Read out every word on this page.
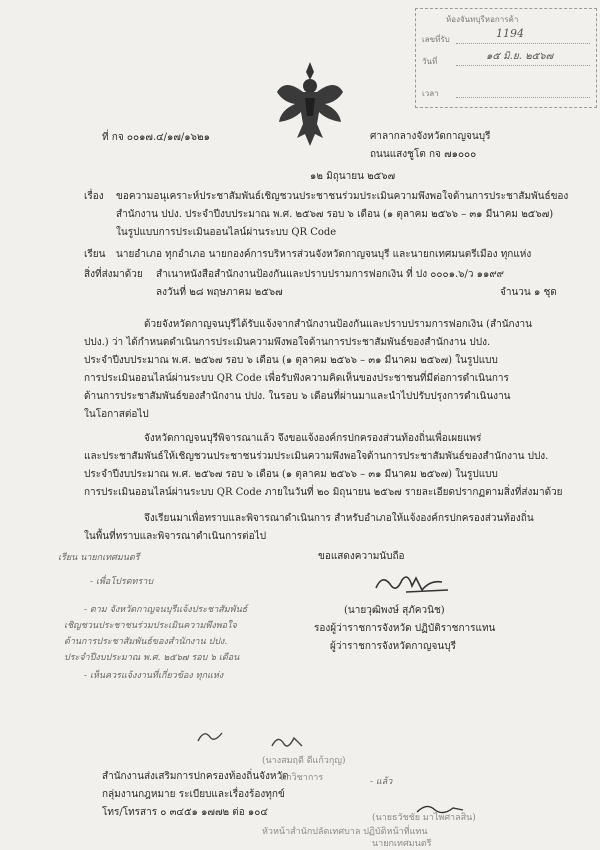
ห้องจันทบุรีหอการค้า
เลขที่รับ	1194
วันที่	๑๕ มิ.ย. ๒๕๖๗
เวลา
ที่ กจ ๐๐๑๗.๔/๑๗/๑๖๒๑	ศาลากลางจังหวัดกาญจนบุรี
ถนนแสงชูโต กจ ๗๑๐๐๐
๑๒ มิถุนายน ๒๕๖๗
เรื่อง ขอความอนุเคราะห์ประชาสัมพันธ์เชิญชวนประชาชนร่วมประเมินความพึงพอใจด้านการประชาสัมพันธ์ของ
สำนักงาน ปปง. ประจำปีงบประมาณ พ.ศ. ๒๕๖๗ รอบ ๖ เดือน (๑ ตุลาคม ๒๕๖๖ – ๓๑ มีนาคม ๒๕๖๗)
ในรูปแบบการประเมินออนไลน์ผ่านระบบ QR Code
เรียน นายอำเภอ ทุกอำเภอ นายกองค์การบริหารส่วนจังหวัดกาญจนบุรี และนายกเทศมนตรีเมือง ทุกแห่ง
สิ่งที่ส่งมาด้วย สำเนาหนังสือสำนักงานป้องกันและปราบปรามการฟอกเงิน ที่ ปง ๐๐๐๑.๖/ว ๑๑๙๙
ลงวันที่ ๒๘ พฤษภาคม ๒๕๖๗	จำนวน ๑ ชุด
ด้วยจังหวัดกาญจนบุรีได้รับแจ้งจากสำนักงานป้องกันและปราบปรามการฟอกเงิน (สำนักงาน
ปปง.) ว่า ได้กำหนดดำเนินการประเมินความพึงพอใจด้านการประชาสัมพันธ์ของสำนักงาน ปปง.
ประจำปีงบประมาณ พ.ศ. ๒๕๖๗ รอบ ๖ เดือน (๑ ตุลาคม ๒๕๖๖ – ๓๑ มีนาคม ๒๕๖๗) ในรูปแบบ
การประเมินออนไลน์ผ่านระบบ QR Code เพื่อรับฟังความคิดเห็นของประชาชนที่มีต่อการดำเนินการ
ด้านการประชาสัมพันธ์ของสำนักงาน ปปง. ในรอบ ๖ เดือนที่ผ่านมาและนำไปปรับปรุงการดำเนินงาน
ในโอกาสต่อไป
จังหวัดกาญจนบุรีพิจารณาแล้ว จึงขอแจ้งองค์กรปกครองส่วนท้องถิ่นเพื่อเผยแพร่
และประชาสัมพันธ์ให้เชิญชวนประชาชนร่วมประเมินความพึงพอใจด้านการประชาสัมพันธ์ของสำนักงาน ปปง.
ประจำปีงบประมาณ พ.ศ. ๒๕๖๗ รอบ ๖ เดือน (๑ ตุลาคม ๒๕๖๖ – ๓๑ มีนาคม ๒๕๖๗) ในรูปแบบ
การประเมินออนไลน์ผ่านระบบ QR Code ภายในวันที่ ๒๐ มิถุนายน ๒๕๖๗ รายละเอียดปรากฏตามสิ่งที่ส่งมาด้วย
จึงเรียนมาเพื่อทราบและพิจารณาดำเนินการ สำหรับอำเภอให้แจ้งองค์กรปกครองส่วนท้องถิ่น
ในพื้นที่ทราบและพิจารณาดำเนินการต่อไป
ขอแสดงความนับถือ
(นายวุฒิพงษ์ สุภัควนิช)
รองผู้ว่าราชการจังหวัด ปฏิบัติราชการแทน
ผู้ว่าราชการจังหวัดกาญจนบุรี
เรียน นายกเทศมนตรี
- เพื่อโปรดทราบ
- ตาม จังหวัดกาญจนบุรีแจ้งประชาสัมพันธ์
เชิญชวนประชาชนร่วมประเมินความพึงพอใจ
ด้านการประชาสัมพันธ์ของสำนักงาน ปปง.
ประจำปีงบประมาณ พ.ศ. ๒๕๖๗ รอบ ๖ เดือน
- เห็นควรแจ้งงานที่เกี่ยวข้อง ทุกแห่ง
(นางสมฤดี ดีแก้วกุญ)
สำนักงานส่งเสริมการปกครองท้องถิ่นจังหวัด
นักวิชาการ
กลุ่มงานกฎหมาย ระเบียบและเรื่องร้องทุกข์
โทร/โทรสาร ๐ ๓๔๕๑ ๑๗๗๒ ต่อ ๑๐๔
- แล้ว
(นายธวัชชัย มาไพศาลสิน)
หัวหน้าสำนักปลัดเทศบาล ปฏิบัติหน้าที่แทน
นายกเทศมนตรี
